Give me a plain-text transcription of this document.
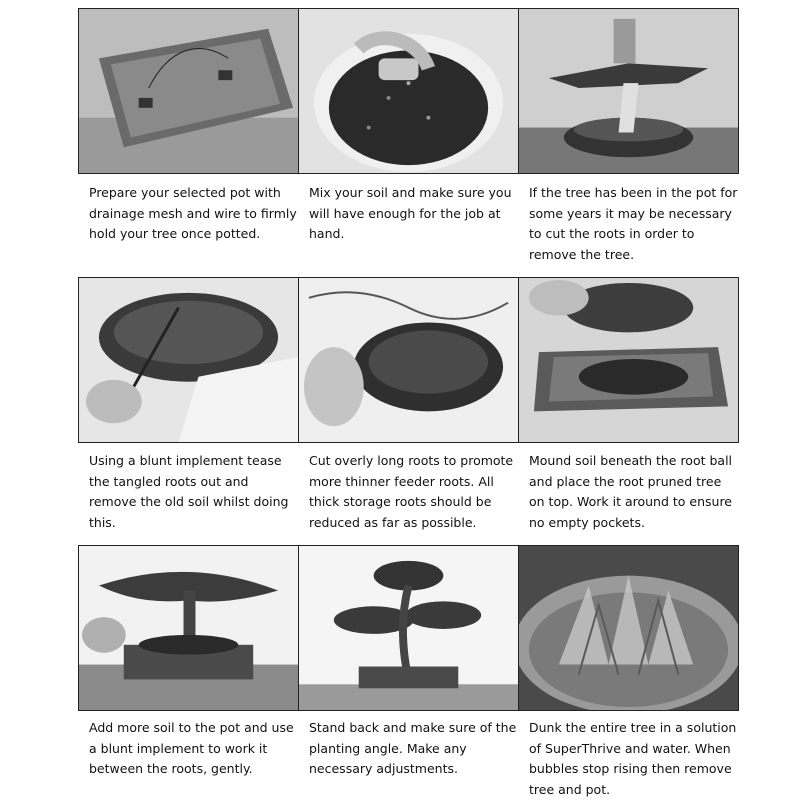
Prepare your selected pot with drainage mesh and wire to firmly hold your tree once potted.
Mix your soil and make sure you will have enough for the job at hand.
If the tree has been in the pot for some years it may be necessary to cut the roots in order to remove the tree.
Using a blunt implement tease the tangled roots out and remove the old soil whilst doing this.
Cut overly long roots to promote more thinner feeder roots. All thick storage roots should be reduced as far as possible.
Mound soil beneath the root ball and place the root pruned tree on top. Work it around to ensure no empty pockets.
Add more soil to the pot and use a blunt implement to work it between the roots, gently.
Stand back and make sure of the planting angle. Make any necessary adjustments.
Dunk the entire tree in a solution of SuperThrive and water. When bubbles stop rising then remove tree and pot.
